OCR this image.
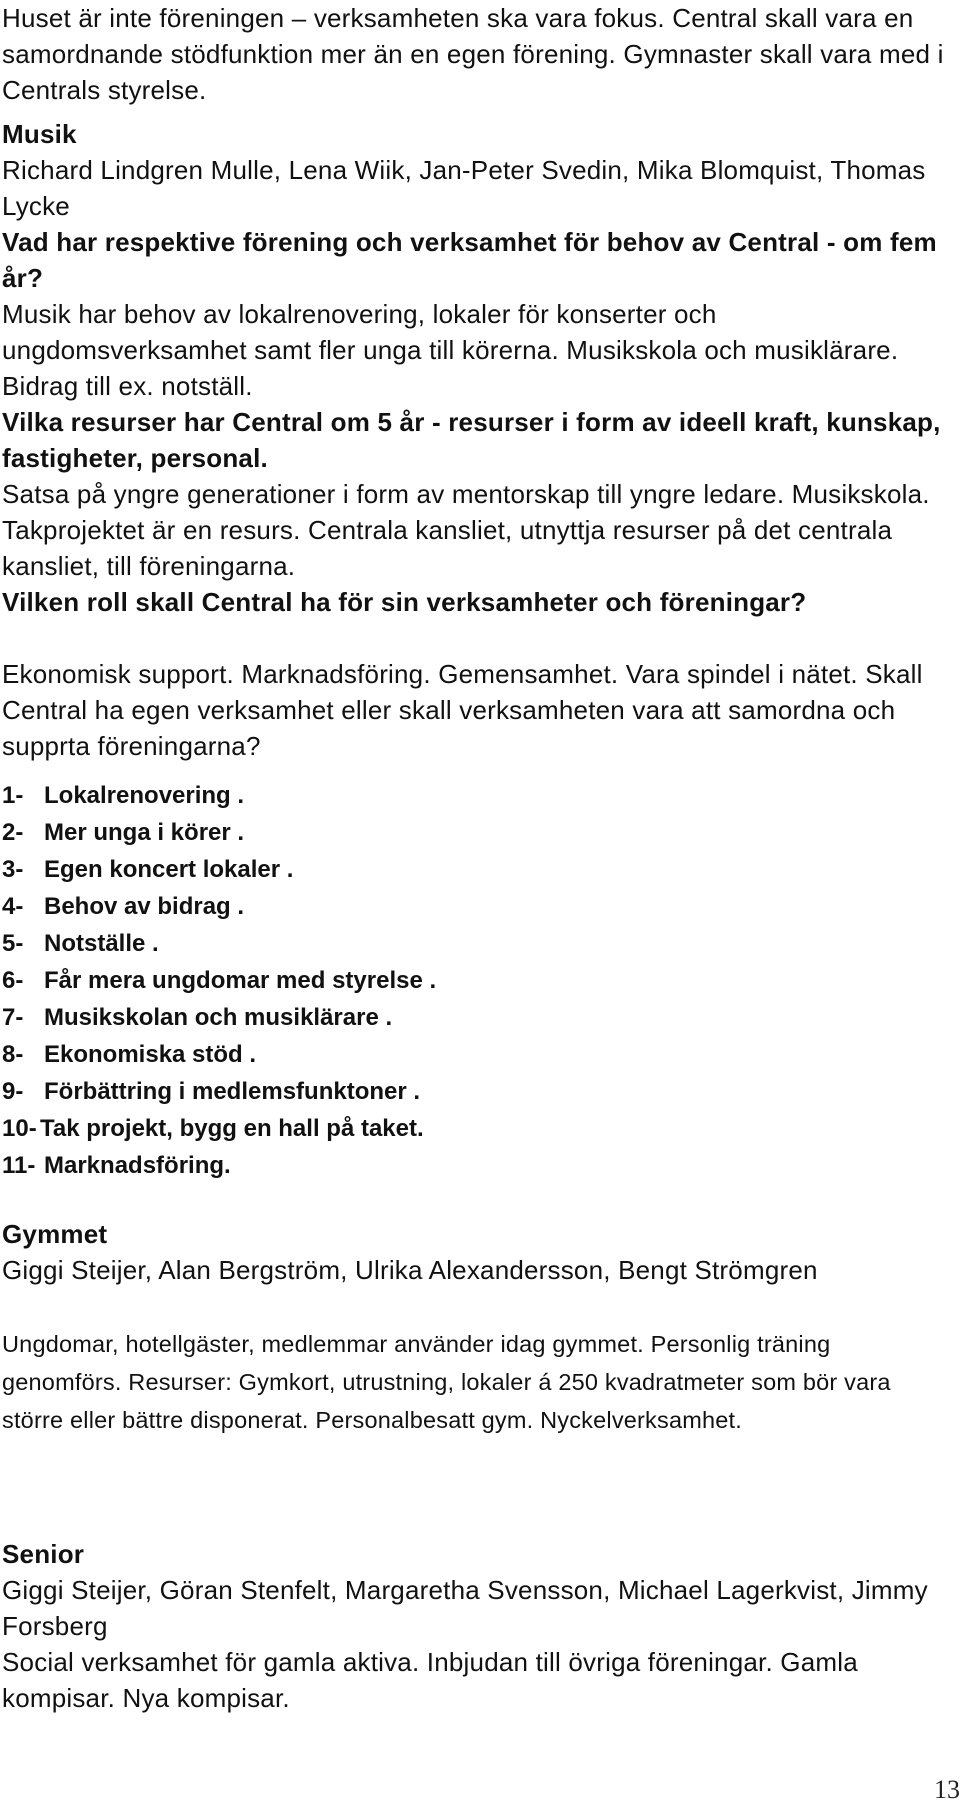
Huset är inte föreningen – verksamheten ska vara fokus. Central skall vara en samordnande stödfunktion mer än en egen förening. Gymnaster skall vara med i Centrals styrelse.

Musik

Richard Lindgren Mulle, Lena Wiik, Jan-Peter Svedin, Mika Blomquist, Thomas Lycke

Vad har respektive förening och verksamhet för behov av Central - om fem år?

Musik har behov av lokalrenovering, lokaler för konserter och ungdomsverksamhet samt fler unga till körerna. Musikskola och musiklärare. Bidrag till ex. notställ.

Vilka resurser har Central om 5 år - resurser i form av ideell kraft, kunskap, fastigheter, personal.

Satsa på yngre generationer i form av mentorskap till yngre ledare. Musikskola. Takprojektet är en resurs. Centrala kansliet, utnyttja resurser på det centrala kansliet, till föreningarna.

Vilken roll skall Central ha för sin verksamheter och föreningar?

Ekonomisk support. Marknadsföring. Gemensamhet. Vara spindel i nätet. Skall Central ha egen verksamhet eller skall verksamheten vara att samordna och supprta föreningarna?

1- Lokalrenovering .
2- Mer unga i körer .
3- Egen koncert lokaler .
4- Behov av bidrag .
5- Notställe .
6- Får mera ungdomar med styrelse .
7- Musikskolan och musiklärare .
8- Ekonomiska stöd .
9- Förbättring i medlemsfunktoner .
10- Tak projekt, bygg en hall på taket.
11- Marknadsföring.

Gymmet

Giggi Steijer, Alan Bergström, Ulrika Alexandersson, Bengt Strömgren

Ungdomar, hotellgäster, medlemmar använder idag gymmet. Personlig träning genomförs. Resurser: Gymkort, utrustning, lokaler á 250 kvadratmeter som bör vara större eller bättre disponerat. Personalbesatt gym. Nyckelverksamhet.

Senior

Giggi Steijer, Göran Stenfelt, Margaretha Svensson, Michael Lagerkvist, Jimmy Forsberg

Social verksamhet för gamla aktiva. Inbjudan till övriga föreningar. Gamla kompisar. Nya kompisar.

13
